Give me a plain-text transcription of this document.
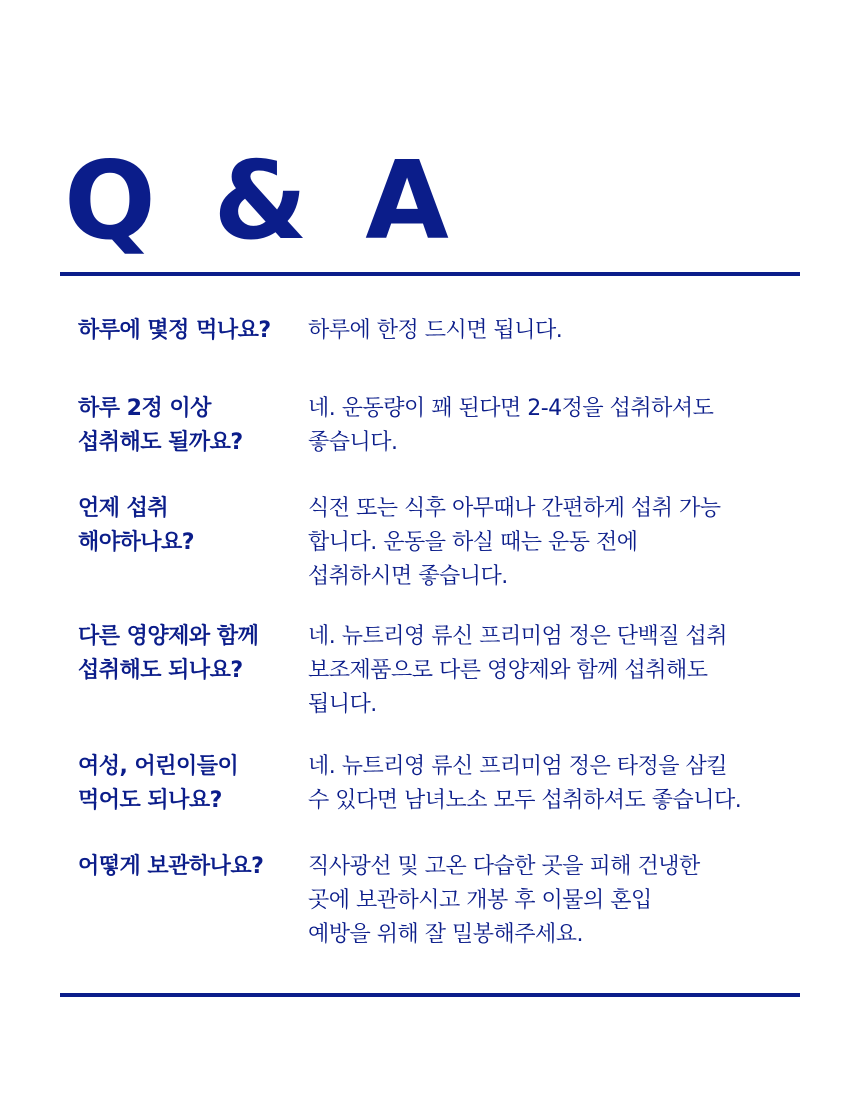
Q & A
하루에 몇정 먹나요?	하루에 한정 드시면 됩니다.
하루 2정 이상
섭취해도 될까요?
네. 운동량이 꽤 된다면 2-4정을 섭취하셔도
좋습니다.
언제 섭취
해야하나요?
식전 또는 식후 아무때나 간편하게 섭취 가능
합니다. 운동을 하실 때는 운동 전에
섭취하시면 좋습니다.
다른 영양제와 함께
섭취해도 되나요?
네. 뉴트리영 류신 프리미엄 정은 단백질 섭취
보조제품으로 다른 영양제와 함께 섭취해도
됩니다.
여성, 어린이들이
먹어도 되나요?
네. 뉴트리영 류신 프리미엄 정은 타정을 삼킬
수 있다면 남녀노소 모두 섭취하셔도 좋습니다.
어떻게 보관하나요?	직사광선 및 고온 다습한 곳을 피해 건냉한
곳에 보관하시고 개봉 후 이물의 혼입
예방을 위해 잘 밀봉해주세요.
